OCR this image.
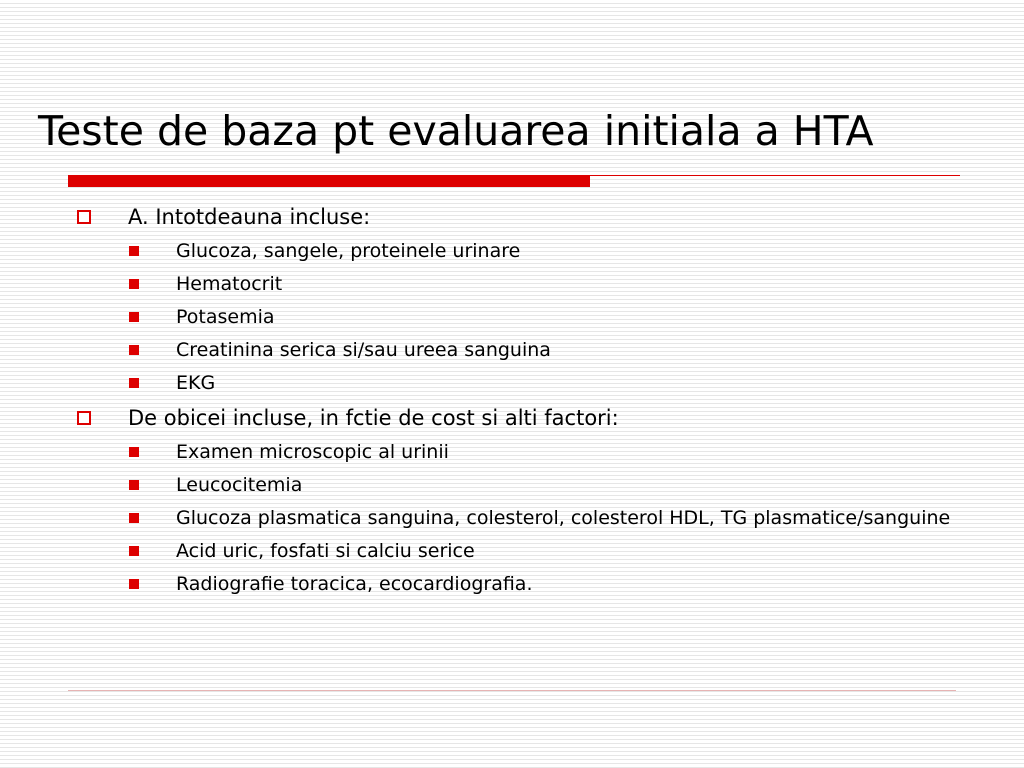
Teste de baza pt evaluarea initiala a HTA
A. Intotdeauna incluse:
Glucoza, sangele, proteinele urinare
Hematocrit
Potasemia
Creatinina serica si/sau ureea sanguina
EKG
De obicei incluse, in fctie de cost si alti factori:
Examen microscopic al urinii
Leucocitemia
Glucoza plasmatica sanguina, colesterol, colesterol HDL, TG plasmatice/sanguine
Acid uric, fosfati si calciu serice
Radiografie toracica, ecocardiografia.
